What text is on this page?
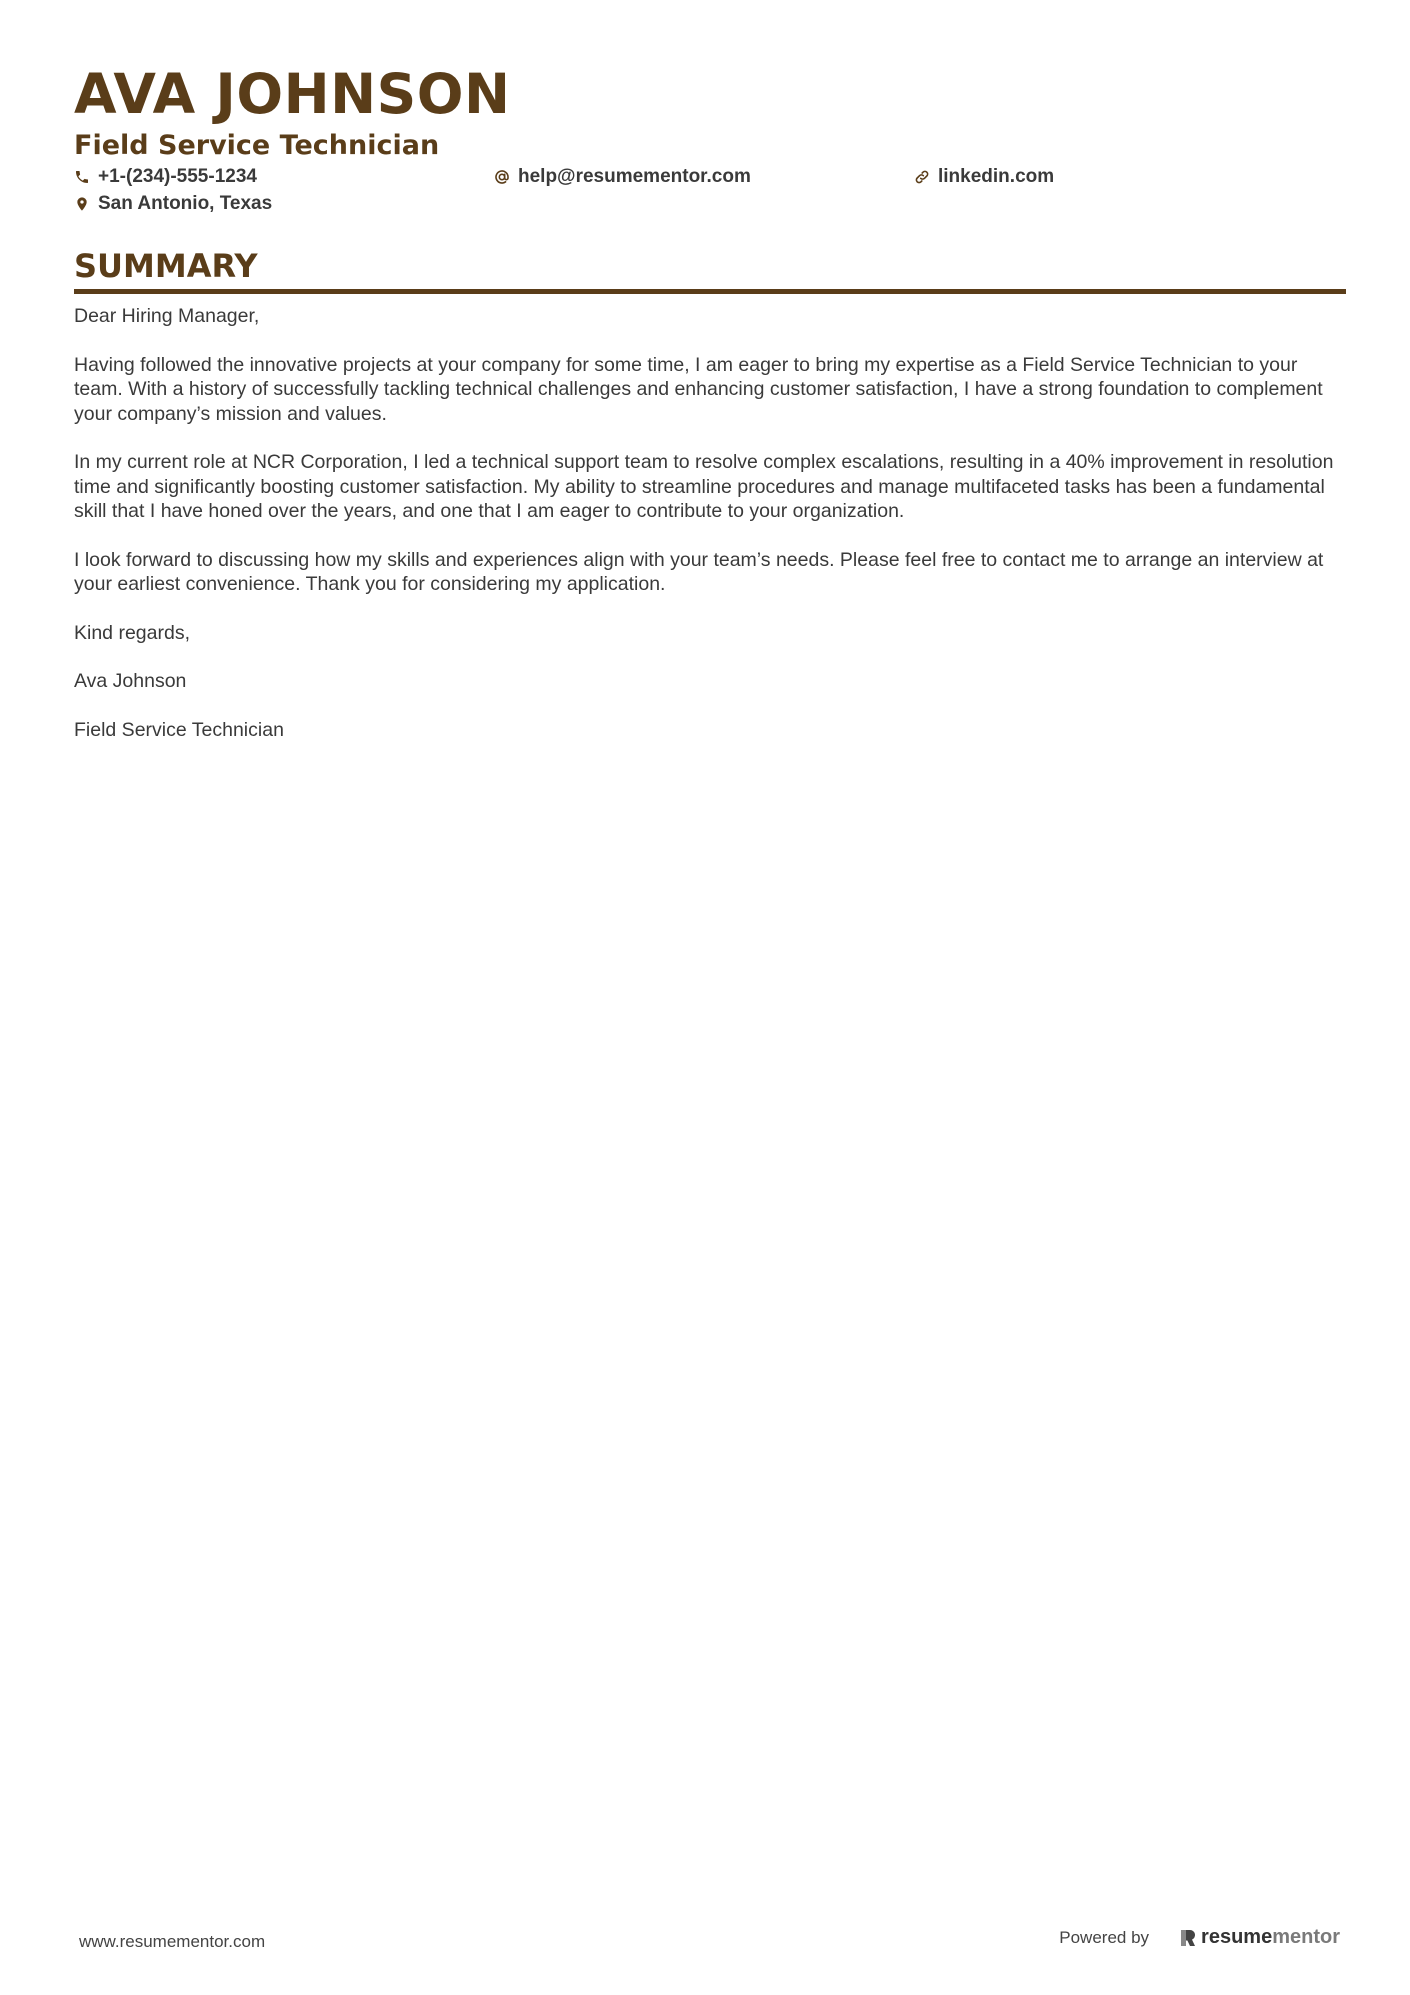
AVA JOHNSON
Field Service Technician
+1-(234)-555-1234	help@resumementor.com	linkedin.com
San Antonio, Texas
SUMMARY

Dear Hiring Manager,

Having followed the innovative projects at your company for some time, I am eager to bring my expertise as a Field Service Technician to your team. With a history of successfully tackling technical challenges and enhancing customer satisfaction, I have a strong foundation to complement your company’s mission and values.

In my current role at NCR Corporation, I led a technical support team to resolve complex escalations, resulting in a 40% improvement in resolution time and significantly boosting customer satisfaction. My ability to streamline procedures and manage multifaceted tasks has been a fundamental skill that I have honed over the years, and one that I am eager to contribute to your organization.

I look forward to discussing how my skills and experiences align with your team’s needs. Please feel free to contact me to arrange an interview at your earliest convenience. Thank you for considering my application.

Kind regards,

Ava Johnson

Field Service Technician

www.resumementor.com	Powered by	resume mentor
